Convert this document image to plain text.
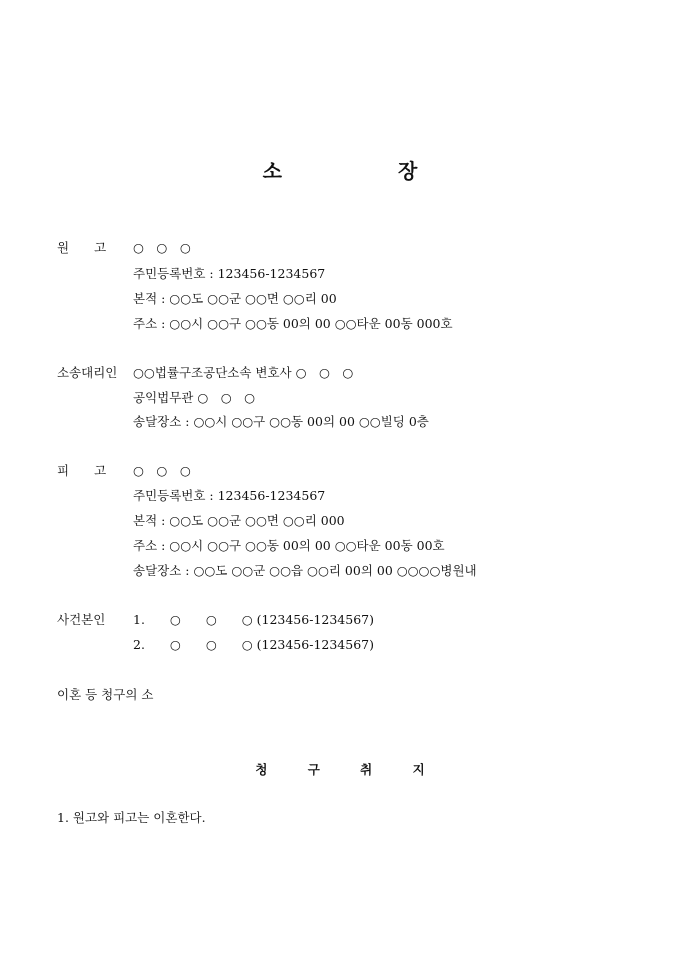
소　장
원　　고 ○　○　○
주민등록번호 : 123456-1234567
본적 : ○○도 ○○군 ○○면 ○○리 00
주소 : ○○시 ○○구 ○○동 00의 00 ○○타운 00동 000호
소송대리인 ○○법률구조공단소속 변호사 ○　○　○
공익법무관 ○　○　○
송달장소 : ○○시 ○○구 ○○동 00의 00 ○○빌딩 0층
피　　고 ○　○　○
주민등록번호 : 123456-1234567
본적 : ○○도 ○○군 ○○면 ○○리 000
주소 : ○○시 ○○구 ○○동 00의 00 ○○타운 00동 00호
송달장소 : ○○도 ○○군 ○○읍 ○○리 00의 00 ○○○○병원내
사건본인 1.　　○　　○　　○ (123456-1234567)
2.　　○　　○　　○ (123456-1234567)
이혼 등 청구의 소
청 구 취 지
1. 원고와 피고는 이혼한다.
